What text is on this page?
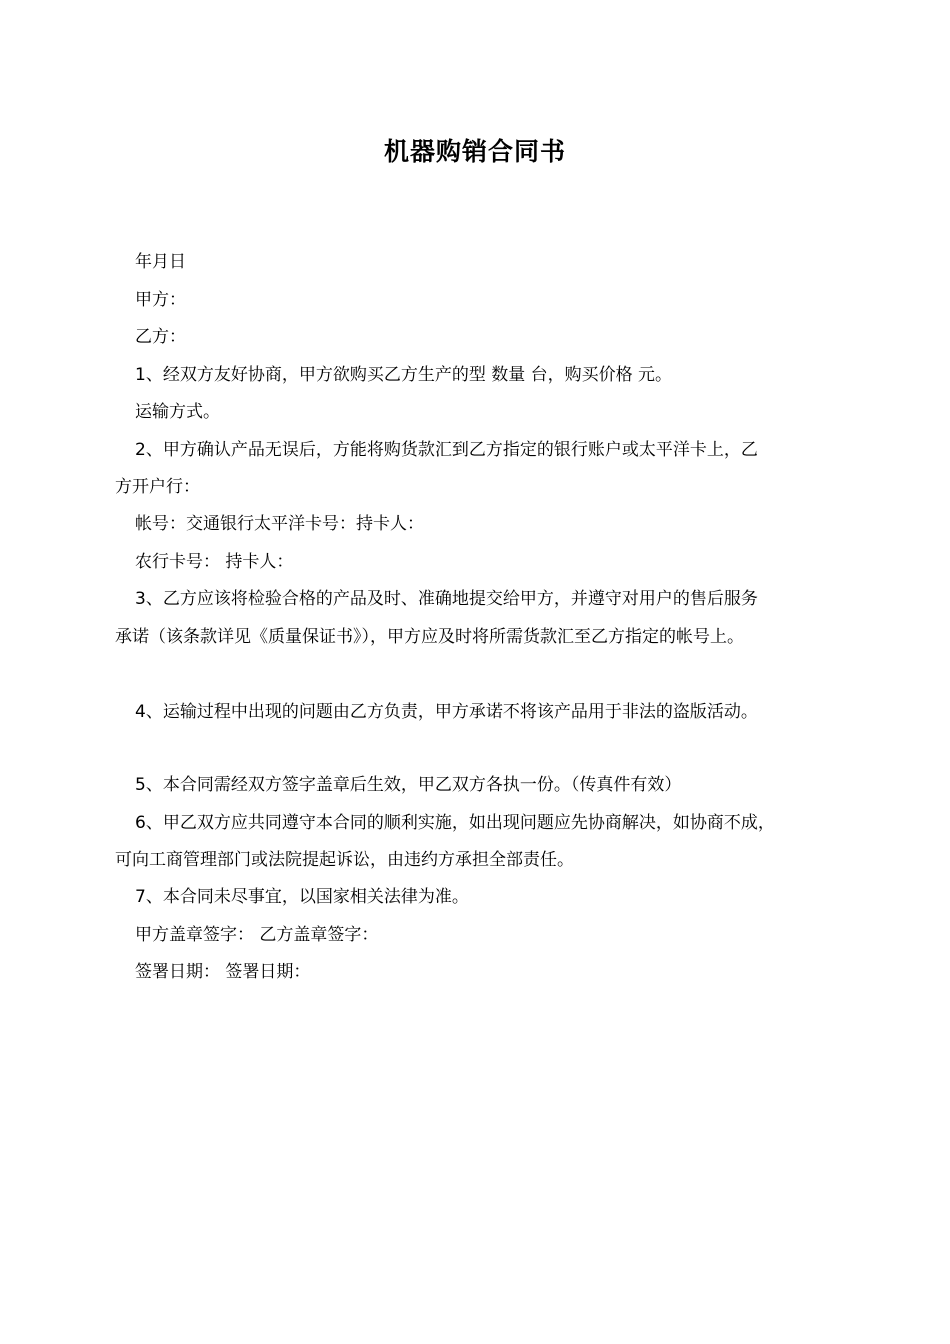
机器购销合同书

年月日

甲方：

乙方：

1、经双方友好协商，甲方欲购买乙方生产的型 数量 台，购买价格 元。

运输方式。

2、甲方确认产品无误后，方能将购货款汇到乙方指定的银行账户或太平洋卡上，乙

方开户行：

帐号：交通银行太平洋卡号：持卡人：

农行卡号： 持卡人：

3、乙方应该将检验合格的产品及时、准确地提交给甲方，并遵守对用户的售后服务

承诺（该条款详见《质量保证书》），甲方应及时将所需货款汇至乙方指定的帐号上。

4、运输过程中出现的问题由乙方负责，甲方承诺不将该产品用于非法的盗版活动。

5、本合同需经双方签字盖章后生效，甲乙双方各执一份。（传真件有效）

6、甲乙双方应共同遵守本合同的顺利实施，如出现问题应先协商解决，如协商不成，

可向工商管理部门或法院提起诉讼，由违约方承担全部责任。

7、本合同未尽事宜，以国家相关法律为准。

甲方盖章签字： 乙方盖章签字：

签署日期： 签署日期：
